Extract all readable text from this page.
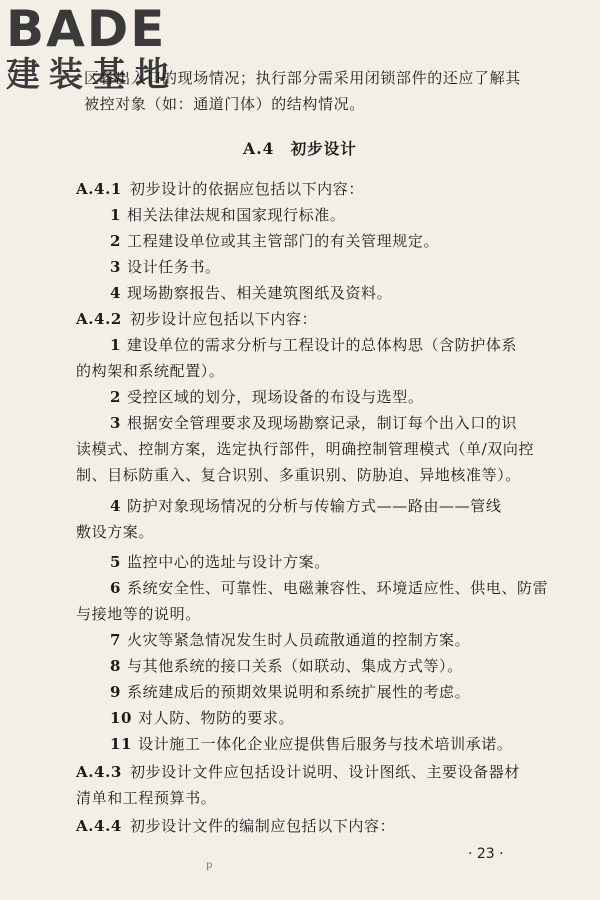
BADE
建装基地
区各出入口的现场情况；执行部分需采用闭锁部件的还应了解其
被控对象（如：通道门体）的结构情况。
A.4 初步设计
A.4.1 初步设计的依据应包括以下内容：
1 相关法律法规和国家现行标准。
2 工程建设单位或其主管部门的有关管理规定。
3 设计任务书。
4 现场勘察报告、相关建筑图纸及资料。
A.4.2 初步设计应包括以下内容：
1 建设单位的需求分析与工程设计的总体构思（含防护体系
的构架和系统配置）。
2 受控区域的划分，现场设备的布设与选型。
3 根据安全管理要求及现场勘察记录，制订每个出入口的识
读模式、控制方案，选定执行部件，明确控制管理模式（单/双向控
制、目标防重入、复合识别、多重识别、防胁迫、异地核准等）。
4 防护对象现场情况的分析与传输方式——路由——管线
敷设方案。
5 监控中心的选址与设计方案。
6 系统安全性、可靠性、电磁兼容性、环境适应性、供电、防雷
与接地等的说明。
7 火灾等紧急情况发生时人员疏散通道的控制方案。
8 与其他系统的接口关系（如联动、集成方式等）。
9 系统建成后的预期效果说明和系统扩展性的考虑。
10 对人防、物防的要求。
11 设计施工一体化企业应提供售后服务与技术培训承诺。
A.4.3 初步设计文件应包括设计说明、设计图纸、主要设备器材
清单和工程预算书。
A.4.4 初步设计文件的编制应包括以下内容：
p
· 23 ·
